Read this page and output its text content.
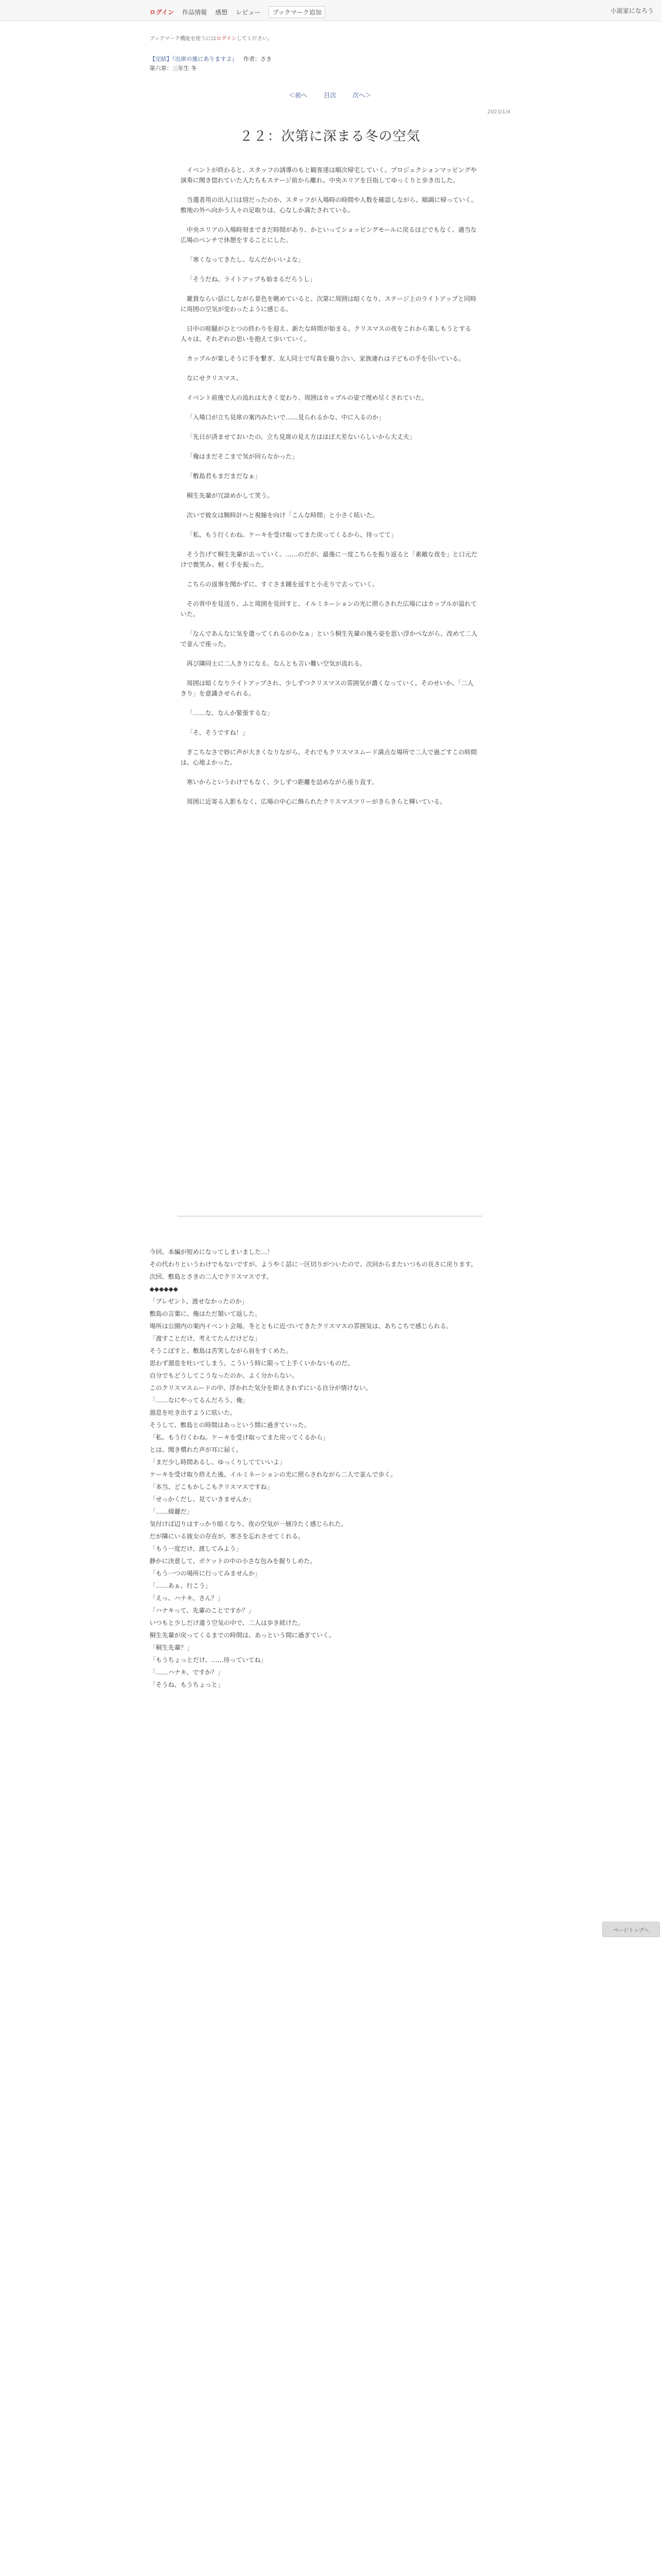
ログイン 作品情報 感想 レビュー	ブックマーク追加	小説家になろう
ブックマーク機能を使うにはログインしてください。
【完結】『出席の後にありますよ』 作者：さき
第六章：三年生 冬
＜前へ	目次	次へ＞
2023/1/4
２２：次第に深まる冬の空気

イベントが終わると、スタッフの誘導のもと観客達は順次帰宅していく。プロジェクションマッピングや演奏に聞き惚れていた人たちもステージ前から離れ、中央エリアを目指してゆっくりと歩き出した。

当選者用の出入口は別だったのか、スタッフが入場時の時間や人数を確認しながら、順調に帰っていく。敷地の外へ向かう人々の足取りは、心なしか満たされている。

中央エリアの入場時刻までまだ時間があり、かといってショッピングモールに戻るほどでもなく、適当な広場のベンチで休憩をすることにした。

「寒くなってきたし、なんだかいいよな」

「そうだね。ライトアップも始まるだろうし」

雑貨ならい話にしながら景色を眺めていると、次第に周囲は暗くなり、ステージ上のライトアップと同時に周囲の空気が変わったように感じる。

日中の喧騒がひとつの終わりを迎え、新たな時間が始まる。クリスマスの夜をこれから楽しもうとする人々は、それぞれの思いを抱えて歩いていく。

カップルが楽しそうに手を繋ぎ、友人同士で写真を撮り合い、家族連れは子どもの手を引いている。

なにせクリスマス。

イベント前後で人の流れは大きく変わり、周囲はカップルの姿で埋め尽くされていた。

「入場口が立ち見席の案内みたいで……見られるかな、中に入るのか」

「先日が済ませておいたの。立ち見席の見え方はほぼ大差ないらしいから大丈夫」

「俺はまだそこまで気が回らなかった」

「敷島君もまだまだなぁ」

桐生先輩が冗談めかして笑う。

次いで彼女は腕時計へと視線を向け「こんな時間」と小さく呟いた。

「私、もう行くわね。ケーキを受け取ってまた戻ってくるから、待ってて」

そう告げて桐生先輩が去っていく。……のだが、最後に一度こちらを振り返ると「素敵な夜を」と口元だけで微笑み、軽く手を振った。

こちらの返事を聞かずに、すぐさま踵を返すと小走りで去っていく。

その背中を見送り、ふと周囲を見回すと、イルミネーションの光に照らされた広場にはカップルが溢れていた。

「なんであんなに気を遣ってくれるのかなぁ」という桐生先輩の後ろ姿を思い浮かべながら、改めて二人で並んで座った。

再び隣同士に二人きりになる。なんとも言い難い空気が流れる。

周囲は暗くなりライトアップされ、少しずつクリスマスの雰囲気が濃くなっていく。そのせいか、「二人きり」を意識させられる。

「……な、なんか緊張するな」

「そ、そうですね！」

ぎこちなさで妙に声が大きくなりながら、それでもクリスマスムード満点な場所で二人で過ごすこの時間は、心地よかった。

寒いからというわけでもなく、少しずつ距離を詰めながら座り直す。

周囲に近寄る人影もなく、広場の中心に飾られたクリスマスツリーがきらきらと輝いている。

今回、本編が短めになってしまいました…！

その代わりというわけでもないですが、ようやく話に一区切りがついたので、次回からまたいつもの長さに戻ります。

次回、敷島とさきの二人でクリスマスです。

◆◆◆◆◆◆

「プレゼント、渡せなかったのか」

敷島の言葉に、俺はただ頷いて返した。

場所は公園内の案内イベント会場。冬とともに近づいてきたクリスマスの雰囲気は、あちこちで感じられる。

「渡すことだけ、考えてたんだけどな」

そうこぼすと、敷島は苦笑しながら肩をすくめた。

思わず溜息を吐いてしまう。こういう時に限って上手くいかないものだ。

自分でもどうしてこうなったのか、よく分からない。

このクリスマスムードの中、浮かれた気分を抑えきれずにいる自分が情けない。

「……なにやってるんだろう、俺」

溜息を吐き出すように呟いた。

そうして、敷島との時間はあっという間に過ぎていった。

「私、もう行くわね。ケーキを受け取ってまた戻ってくるから」

とは、聞き慣れた声が耳に届く。

「まだ少し時間あるし、ゆっくりしてていいよ」

ケーキを受け取り終えた後、イルミネーションの光に照らされながら二人で並んで歩く。

「本当、どこもかしこもクリスマスですね」

「せっかくだし、見ていきませんか」

「……綺麗だ」

気付けば辺りはすっかり暗くなり、夜の空気が一層冷たく感じられた。

だが隣にいる彼女の存在が、寒さを忘れさせてくれる。

「もう一度だけ、渡してみよう」

静かに決意して、ポケットの中の小さな包みを握りしめた。

「もう一つの場所に行ってみませんか」

「……あぁ、行こう」

「えっ、ハナキ、さん？」

「ハナキって、先輩のことですか？」

いつもと少しだけ違う空気の中で、二人は歩き続けた。

桐生先輩が戻ってくるまでの時間は、あっという間に過ぎていく。

「桐生先輩？」

「もうちょっとだけ、……待っていてね」

「……ハナキ、ですか？」

「そうね、もうちょっと」

ページトップへ
